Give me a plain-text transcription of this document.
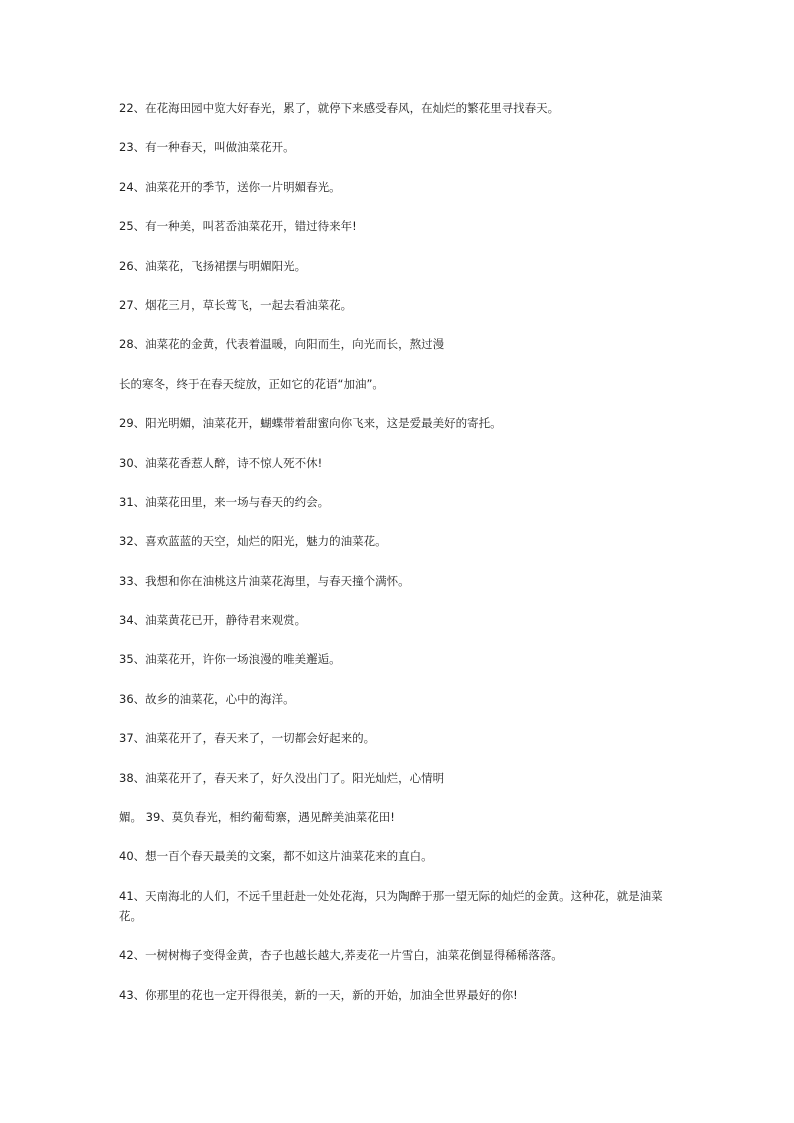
22、在花海田园中览大好春光，累了，就停下来感受春风，在灿烂的繁花里寻找春天。

23、有一种春天，叫做油菜花开。

24、油菜花开的季节，送你一片明媚春光。

25、有一种美，叫茗岙油菜花开，错过待来年!

26、油菜花，飞扬裙摆与明媚阳光。

27、烟花三月，草长莺飞，一起去看油菜花。

28、油菜花的金黄，代表着温暖，向阳而生，向光而长，熬过漫

长的寒冬，终于在春天绽放，正如它的花语“加油”。

29、阳光明媚，油菜花开，蝴蝶带着甜蜜向你飞来，这是爱最美好的寄托。

30、油菜花香惹人醉，诗不惊人死不休!

31、油菜花田里，来一场与春天的约会。

32、喜欢蓝蓝的天空，灿烂的阳光，魅力的油菜花。

33、我想和你在油桃这片油菜花海里，与春天撞个满怀。

34、油菜黄花已开，静待君来观赏。

35、油菜花开，许你一场浪漫的唯美邂逅。

36、故乡的油菜花，心中的海洋。

37、油菜花开了，春天来了，一切都会好起来的。

38、油菜花开了，春天来了，好久没出门了。阳光灿烂，心情明

媚。 39、莫负春光，相约葡萄寨，遇见醉美油菜花田!

40、想一百个春天最美的文案，都不如这片油菜花来的直白。

41、天南海北的人们，不远千里赶赴一处处花海，只为陶醉于那一望无际的灿烂的金黄。这种花，就是油菜花。

42、一树树梅子变得金黄，杏子也越长越大,荞麦花一片雪白，油菜花倒显得稀稀落落。

43、你那里的花也一定开得很美，新的一天，新的开始，加油全世界最好的你!
